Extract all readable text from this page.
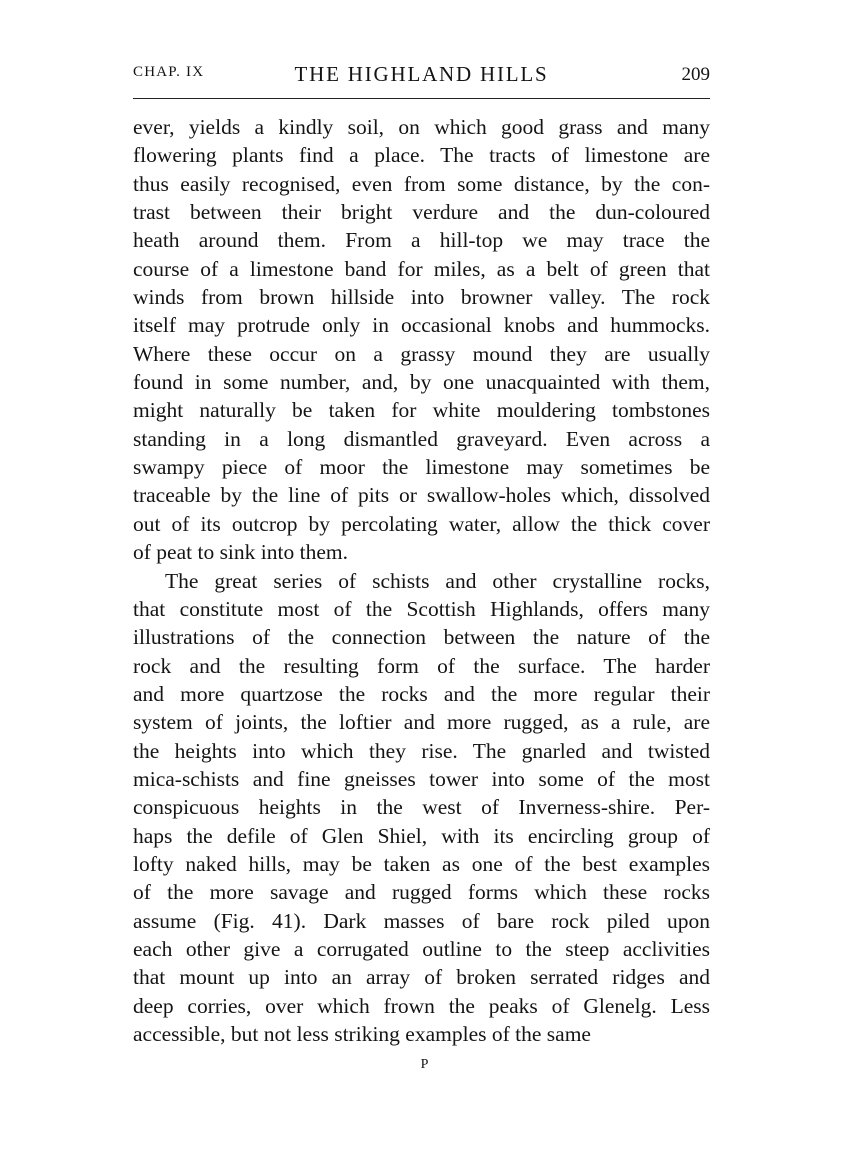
CHAP. IX	THE HIGHLAND HILLS	209
ever, yields a kindly soil, on which good grass and many
flowering plants find a place. The tracts of limestone are
thus easily recognised, even from some distance, by the con-
trast between their bright verdure and the dun-coloured
heath around them. From a hill-top we may trace the
course of a limestone band for miles, as a belt of green that
winds from brown hillside into browner valley. The rock
itself may protrude only in occasional knobs and hummocks.
Where these occur on a grassy mound they are usually
found in some number, and, by one unacquainted with them,
might naturally be taken for white mouldering tombstones
standing in a long dismantled graveyard. Even across a
swampy piece of moor the limestone may sometimes be
traceable by the line of pits or swallow-holes which, dissolved
out of its outcrop by percolating water, allow the thick cover
of peat to sink into them.
The great series of schists and other crystalline rocks,
that constitute most of the Scottish Highlands, offers many
illustrations of the connection between the nature of the
rock and the resulting form of the surface. The harder
and more quartzose the rocks and the more regular their
system of joints, the loftier and more rugged, as a rule, are
the heights into which they rise. The gnarled and twisted
mica-schists and fine gneisses tower into some of the most
conspicuous heights in the west of Inverness-shire. Per-
haps the defile of Glen Shiel, with its encircling group of
lofty naked hills, may be taken as one of the best examples
of the more savage and rugged forms which these rocks
assume (Fig. 41). Dark masses of bare rock piled upon
each other give a corrugated outline to the steep acclivities
that mount up into an array of broken serrated ridges and
deep corries, over which frown the peaks of Glenelg. Less
accessible, but not less striking examples of the same
P
